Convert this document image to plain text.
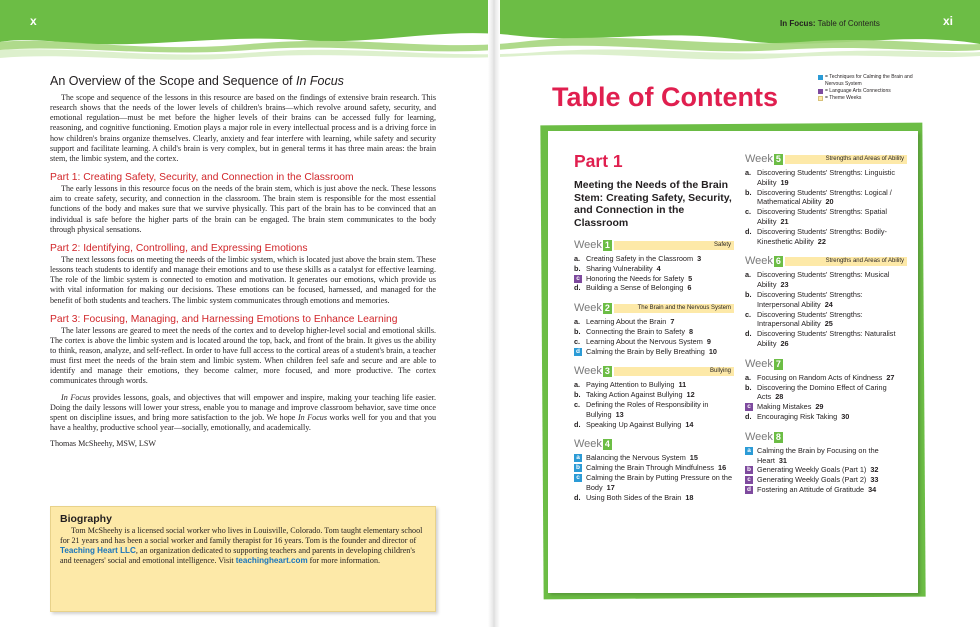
x	xi
In Focus: Table of Contents
An Overview of the Scope and Sequence of In Focus

The scope and sequence of the lessons in this resource are based on the findings of extensive brain research. This research shows that the needs of the lower levels of children's brains—which revolve around safety, security, and emotional regulation—must be met before the higher levels of their brains can be accessed fully for learning, reasoning, and cognitive functioning. Emotion plays a major role in every intellectual process and is a driving force in how children's brains organize themselves. Clearly, anxiety and fear interfere with learning, while safety and security support and facilitate learning. A child's brain is very complex, but in general terms it has three main areas: the brain stem, the limbic system, and the cortex.

Part 1: Creating Safety, Security, and Connection in the Classroom

The early lessons in this resource focus on the needs of the brain stem, which is just above the neck. These lessons aim to create safety, security, and connection in the classroom. The brain stem is responsible for the most essential functions of the body and makes sure that we survive physically. This part of the brain has to be convinced that an individual is safe before the higher parts of the brain can be engaged. The brain stem communicates to the body through physical sensations.

Part 2: Identifying, Controlling, and Expressing Emotions

The next lessons focus on meeting the needs of the limbic system, which is located just above the brain stem. These lessons teach students to identify and manage their emotions and to use these skills as a catalyst for effective learning. The role of the limbic system is connected to emotion and motivation. It generates our emotions, which provide us with vital information for making our decisions. These emotions can be focused, harnessed, and managed for the benefit of both students and teachers. The limbic system communicates through emotions and memories.

Part 3: Focusing, Managing, and Harnessing Emotions to Enhance Learning

The later lessons are geared to meet the needs of the cortex and to develop higher-level social and emotional skills. The cortex is above the limbic system and is located around the top, back, and front of the brain. It gives us the ability to think, reason, analyze, and self-reflect. In order to have full access to the cortical areas of a student's brain, a teacher must first meet the needs of the brain stem and limbic system. When children feel safe and secure and are able to identify and manage their emotions, they become calmer, more focused, and more productive. The cortex communicates through words.

In Focus provides lessons, goals, and objectives that will empower and inspire, making your teaching life easier. Doing the daily lessons will lower your stress, enable you to manage and improve classroom behavior, save time once spent on discipline issues, and bring more satisfaction to the job. We hope In Focus works well for you and that you have a healthy, productive school year—socially, emotionally, and academically.

Thomas McSheehy, MSW, LSW

Biography

Tom McSheehy is a licensed social worker who lives in Louisville, Colorado. Tom taught elementary school for 21 years and has been a social worker and family therapist for 16 years. Tom is the founder and director of Teaching Heart LLC, an organization dedicated to supporting teachers and parents in developing children's and teenagers' social and emotional intelligence. Visit teachingheart.com for more information.

Table of Contents
= Techniques for Calming the Brain and Nervous System
= Language Arts Connections
= Theme Weeks
Part 1
Meeting the Needs of the Brain Stem: Creating Safety, Security, and Connection in the Classroom
Week 1	Safety
a. Creating Safety in the Classroom 3
b. Sharing Vulnerability 4
c Honoring the Needs for Safety 5
d. Building a Sense of Belonging 6
Week 2	The Brain and the Nervous System
a. Learning About the Brain 7
b. Connecting the Brain to Safety 8
c. Learning About the Nervous System 9
d Calming the Brain by Belly Breathing 10
Week 3	Bullying
a. Paying Attention to Bullying 11
b. Taking Action Against Bullying 12
c. Defining the Roles of Responsibility in Bullying 13
d. Speaking Up Against Bullying 14
Week 4
a Balancing the Nervous System 15
b Calming the Brain Through Mindfulness 16
c Calming the Brain by Putting Pressure on the Body 17
d. Using Both Sides of the Brain 18
Week 5	Strengths and Areas of Ability
a. Discovering Students' Strengths: Linguistic Ability 19
b. Discovering Students' Strengths: Logical / Mathematical Ability 20
c. Discovering Students' Strengths: Spatial Ability 21
d. Discovering Students' Strengths: Bodily-Kinesthetic Ability 22
Week 6	Strengths and Areas of Ability
a. Discovering Students' Strengths: Musical Ability 23
b. Discovering Students' Strengths: Interpersonal Ability 24
c. Discovering Students' Strengths: Intrapersonal Ability 25
d. Discovering Students' Strengths: Naturalist Ability 26
Week 7
a. Focusing on Random Acts of Kindness 27
b. Discovering the Domino Effect of Caring Acts 28
c Making Mistakes 29
d. Encouraging Risk Taking 30
Week 8
a Calming the Brain by Focusing on the Heart 31
b Generating Weekly Goals (Part 1) 32
c Generating Weekly Goals (Part 2) 33
d Fostering an Attitude of Gratitude 34
